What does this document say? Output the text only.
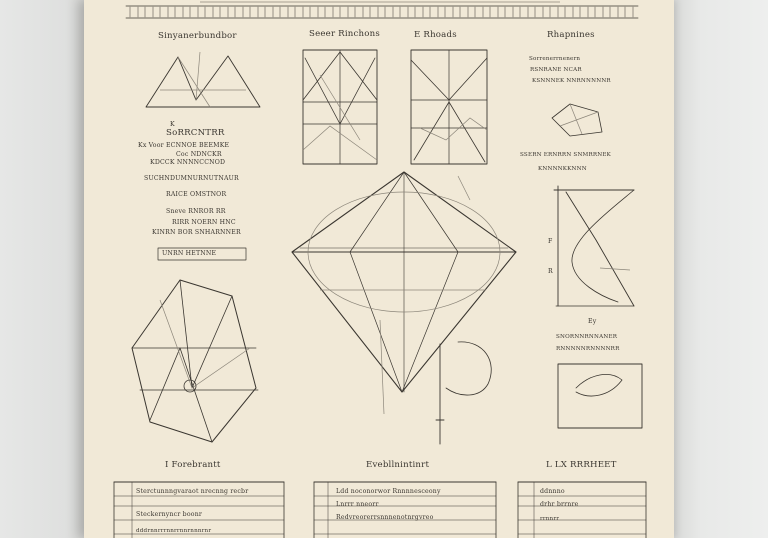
Sinyanerbundbor	Seeer Rinchons	E Rhoads	Rhapnines
K
SoRRCNTRR
Kx Voor ECNNOE BEEMKE
Coc NDNCKR
KDCCK NNNNCCNOD
SUCHNDUMNURNUTNAUR
RAICE OMSTNOR
Sneve RNROR RR
RIRR NOERN HNC
KINRN BOR SNHARNNER
UNRN HETNNE
Sorrenerrnenern
RSNRANE NCAR
KSNNNEK NNRNNNNNR
SSERN ERNRRN SNMRRNEK
KNNNNKKNNN
F
R
Ey
SNORNNRNNANER
RNNNNNRNNNNRR
I Forebrantt	Evebllnintinrt	L LX RRRHEET
Sterctunnngvaraot nrecnng recbr
Steckernyncr boonr
dddrnnrrrnnrrnnrnnnrnr
Ldd noconorwor Rnnnnesceony
Lnrrr nneorr
Redvreorerrsnnnenotnrgvreo
ddnnno
drhr brrnre
rrnnrr
